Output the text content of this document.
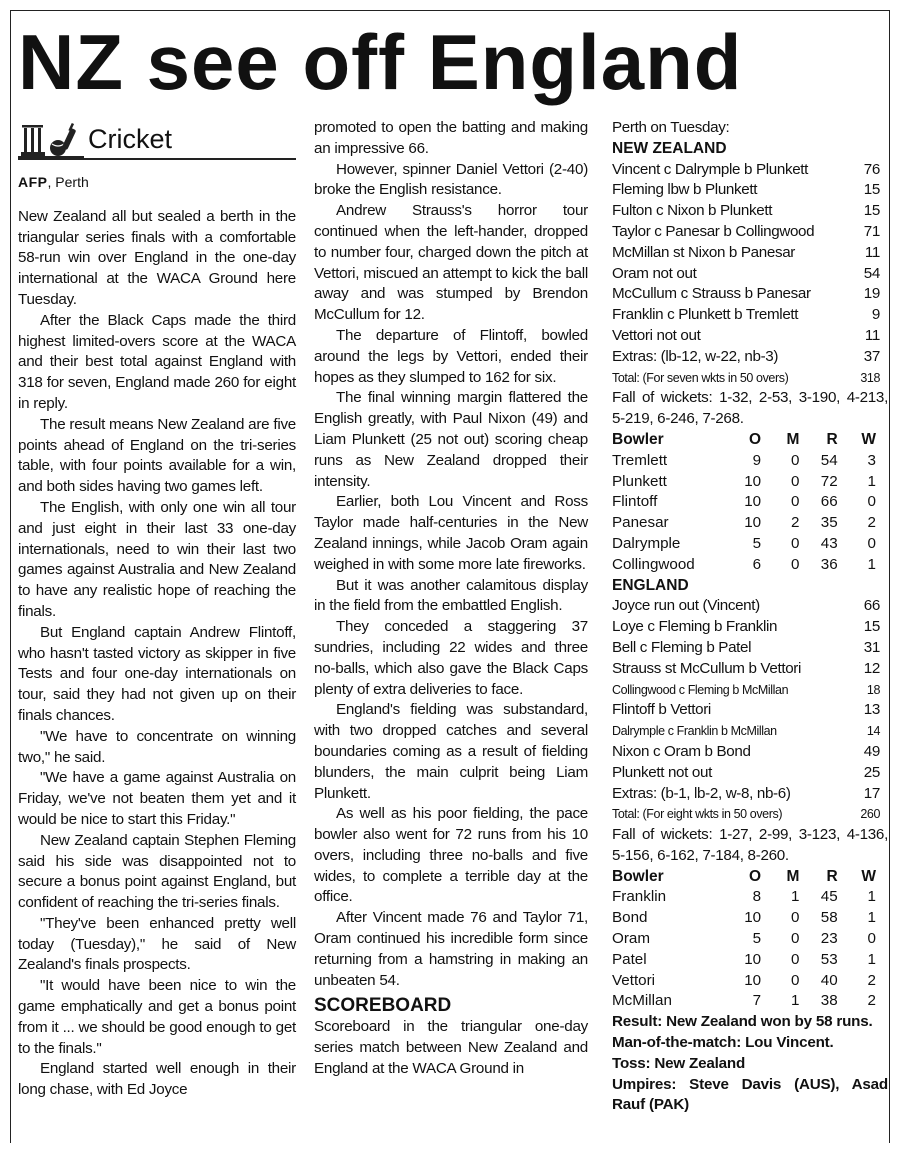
NZ see off England
Cricket
AFP, Perth

New Zealand all but sealed a berth in the triangular series finals with a comfortable 58-run win over England in the one-day international at the WACA Ground here Tuesday.

After the Black Caps made the third highest limited-overs score at the WACA and their best total against England with 318 for seven, England made 260 for eight in reply.

The result means New Zealand are five points ahead of England on the tri-series table, with four points available for a win, and both sides having two games left.

The English, with only one win all tour and just eight in their last 33 one-day internationals, need to win their last two games against Australia and New Zealand to have any realistic hope of reaching the finals.

But England captain Andrew Flintoff, who hasn't tasted victory as skipper in five Tests and four one-day internationals on tour, said they had not given up on their finals chances.

"We have to concentrate on winning two," he said.

"We have a game against Australia on Friday, we've not beaten them yet and it would be nice to start this Friday."

New Zealand captain Stephen Fleming said his side was disappointed not to secure a bonus point against England, but confident of reaching the tri-series finals.

"They've been enhanced pretty well today (Tuesday)," he said of New Zealand's finals prospects.

"It would have been nice to win the game emphatically and get a bonus point from it ... we should be good enough to get to the finals."

England started well enough in their long chase, with Ed Joyce

promoted to open the batting and making an impressive 66.

However, spinner Daniel Vettori (2-40) broke the English resistance.

Andrew Strauss's horror tour continued when the left-hander, dropped to number four, charged down the pitch at Vettori, miscued an attempt to kick the ball away and was stumped by Brendon McCullum for 12.

The departure of Flintoff, bowled around the legs by Vettori, ended their hopes as they slumped to 162 for six.

The final winning margin flattered the English greatly, with Paul Nixon (49) and Liam Plunkett (25 not out) scoring cheap runs as New Zealand dropped their intensity.

Earlier, both Lou Vincent and Ross Taylor made half-centuries in the New Zealand innings, while Jacob Oram again weighed in with some more late fireworks.

But it was another calamitous display in the field from the embattled English.

They conceded a staggering 37 sundries, including 22 wides and three no-balls, which also gave the Black Caps plenty of extra deliveries to face.

England's fielding was substandard, with two dropped catches and several boundaries coming as a result of fielding blunders, the main culprit being Liam Plunkett.

As well as his poor fielding, the pace bowler also went for 72 runs from his 10 overs, including three no-balls and five wides, to complete a terrible day at the office.

After Vincent made 76 and Taylor 71, Oram continued his incredible form since returning from a hamstring in making an unbeaten 54.

SCOREBOARD

Scoreboard in the triangular one-day series match between New Zealand and England at the WACA Ground in

Perth on Tuesday:
NEW ZEALAND
Vincent c Dalrymple b Plunkett	76
Fleming lbw b Plunkett	15
Fulton c Nixon b Plunkett	15
Taylor c Panesar b Collingwood	71
McMillan st Nixon b Panesar	11
Oram not out	54
McCullum c Strauss b Panesar	19
Franklin c Plunkett b Tremlett	9
Vettori not out	11
Extras: (lb-12, w-22, nb-3)	37
Total: (For seven wkts in 50 overs)	318
Fall of wickets: 1-32, 2-53, 3-190, 4-213, 5-219, 6-246, 7-268.
Bowler	O	M	R	W
Tremlett	9	0	54	3
Plunkett	10	0	72	1
Flintoff	10	0	66	0
Panesar	10	2	35	2
Dalrymple	5	0	43	0
Collingwood	6	0	36	1
ENGLAND
Joyce run out (Vincent)	66
Loye c Fleming b Franklin	15
Bell c Fleming b Patel	31
Strauss st McCullum b Vettori	12
Collingwood c Fleming b McMillan	18
Flintoff b Vettori	13
Dalrymple c Franklin b McMillan	14
Nixon c Oram b Bond	49
Plunkett not out	25
Extras: (b-1, lb-2, w-8, nb-6)	17
Total: (For eight wkts in 50 overs)	260
Fall of wickets: 1-27, 2-99, 3-123, 4-136, 5-156, 6-162, 7-184, 8-260.
Bowler	O	M	R	W
Franklin	8	1	45	1
Bond	10	0	58	1
Oram	5	0	23	0
Patel	10	0	53	1
Vettori	10	0	40	2
McMillan	7	1	38	2
Result: New Zealand won by 58 runs.
Man-of-the-match: Lou Vincent.
Toss: New Zealand
Umpires: Steve Davis (AUS), Asad Rauf (PAK)
